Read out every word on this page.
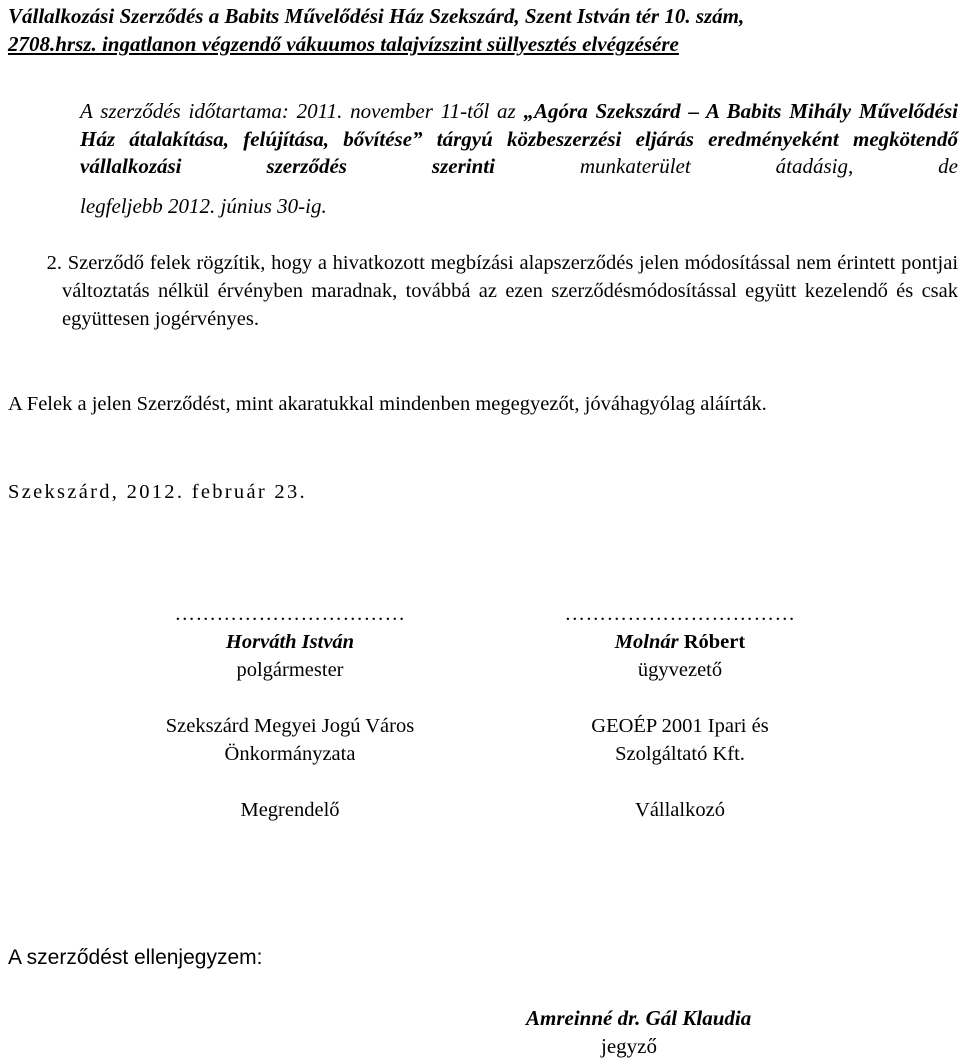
Vállalkozási Szerződés a Babits Művelődési Ház Szekszárd, Szent István tér 10. szám,
2708.hrsz. ingatlanon végzendő vákuumos talajvízszint süllyesztés elvégzésére
A szerződés időtartama: 2011. november 11-től az „Agóra Szekszárd – A Babits Mihály Művelődési Ház átalakítása, felújítása, bővítése” tárgyú közbeszerzési eljárás eredményeként megkötendő vállalkozási szerződés szerinti munkaterület átadásig, de
legfeljebb 2012. június 30-ig.
2. Szerződő felek rögzítik, hogy a hivatkozott megbízási alapszerződés jelen módosítással nem érintett pontjai változtatás nélkül érvényben maradnak, továbbá az ezen szerződésmódosítással együtt kezelendő és csak együttesen jogérvényes.
A Felek a jelen Szerződést, mint akaratukkal mindenben megegyezőt, jóváhagyólag aláírták.
Szekszárd, 2012. február 23.
……………………………
Horváth István
polgármester
Szekszárd Megyei Jogú Város
Önkormányzata
Megrendelő
……………………………
Molnár Róbert
ügyvezető
GEOÉP 2001 Ipari és
Szolgáltató Kft.
Vállalkozó
A szerződést ellenjegyzem:
Amreinné dr. Gál Klaudia
jegyző
